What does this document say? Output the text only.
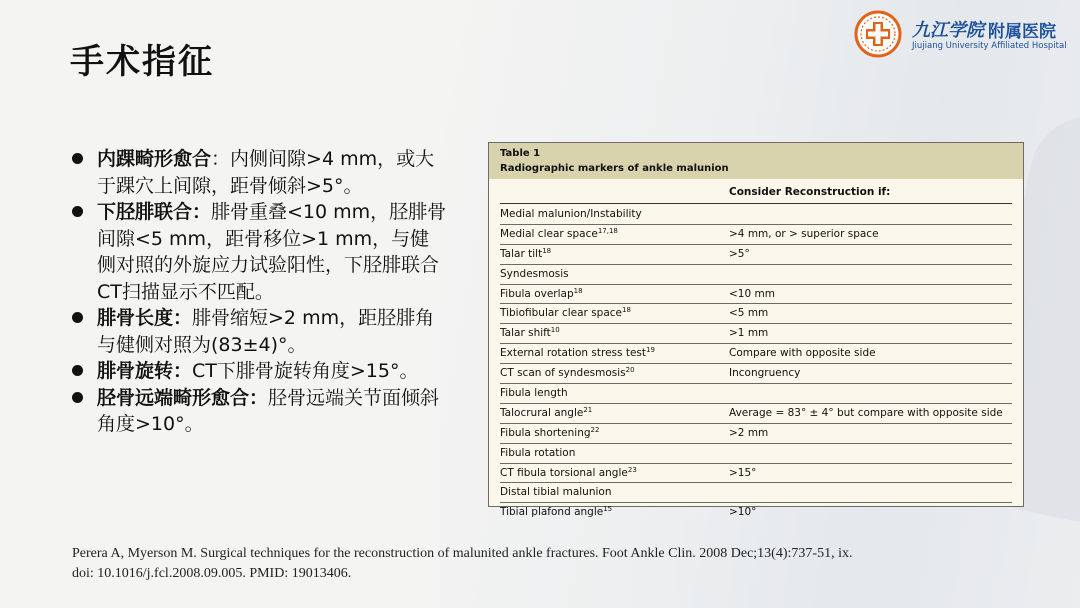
手术指征
九江学院 附属医院
Jiujiang University Affiliated Hospital
内踝畸形愈合：内侧间隙>4 mm，或大于踝穴上间隙，距骨倾斜>5°。
下胫腓联合：腓骨重叠<10 mm，胫腓骨间隙<5 mm，距骨移位>1 mm，与健侧对照的外旋应力试验阳性，下胫腓联合CT扫描显示不匹配。
腓骨长度：腓骨缩短>2 mm，距胫腓角与健侧对照为(83±4)°。
腓骨旋转：CT下腓骨旋转角度>15°。
胫骨远端畸形愈合：胫骨远端关节面倾斜角度>10°。
Table 1
Radiographic markers of ankle malunion
Consider Reconstruction if:
Medial malunion/Instability
Medial clear space$^{17,18}$	>4 mm, or > superior space
Talar tilt$^{18}$	>5°
Syndesmosis
Fibula overlap$^{18}$	<10 mm
Tibiofibular clear space$^{18}$	<5 mm
Talar shift$^{10}$	>1 mm
External rotation stress test$^{19}$	Compare with opposite side
CT scan of syndesmosis$^{20}$	Incongruency
Fibula length
Talocrural angle$^{21}$	Average = 83° ± 4° but compare with opposite side
Fibula shortening$^{22}$	>2 mm
Fibula rotation
CT fibula torsional angle$^{23}$	>15°
Distal tibial malunion
Tibial plafond angle$^{15}$	>10°
Perera A, Myerson M. Surgical techniques for the reconstruction of malunited ankle fractures. Foot Ankle Clin. 2008 Dec;13(4):737-51, ix.
doi: 10.1016/j.fcl.2008.09.005. PMID: 19013406.
